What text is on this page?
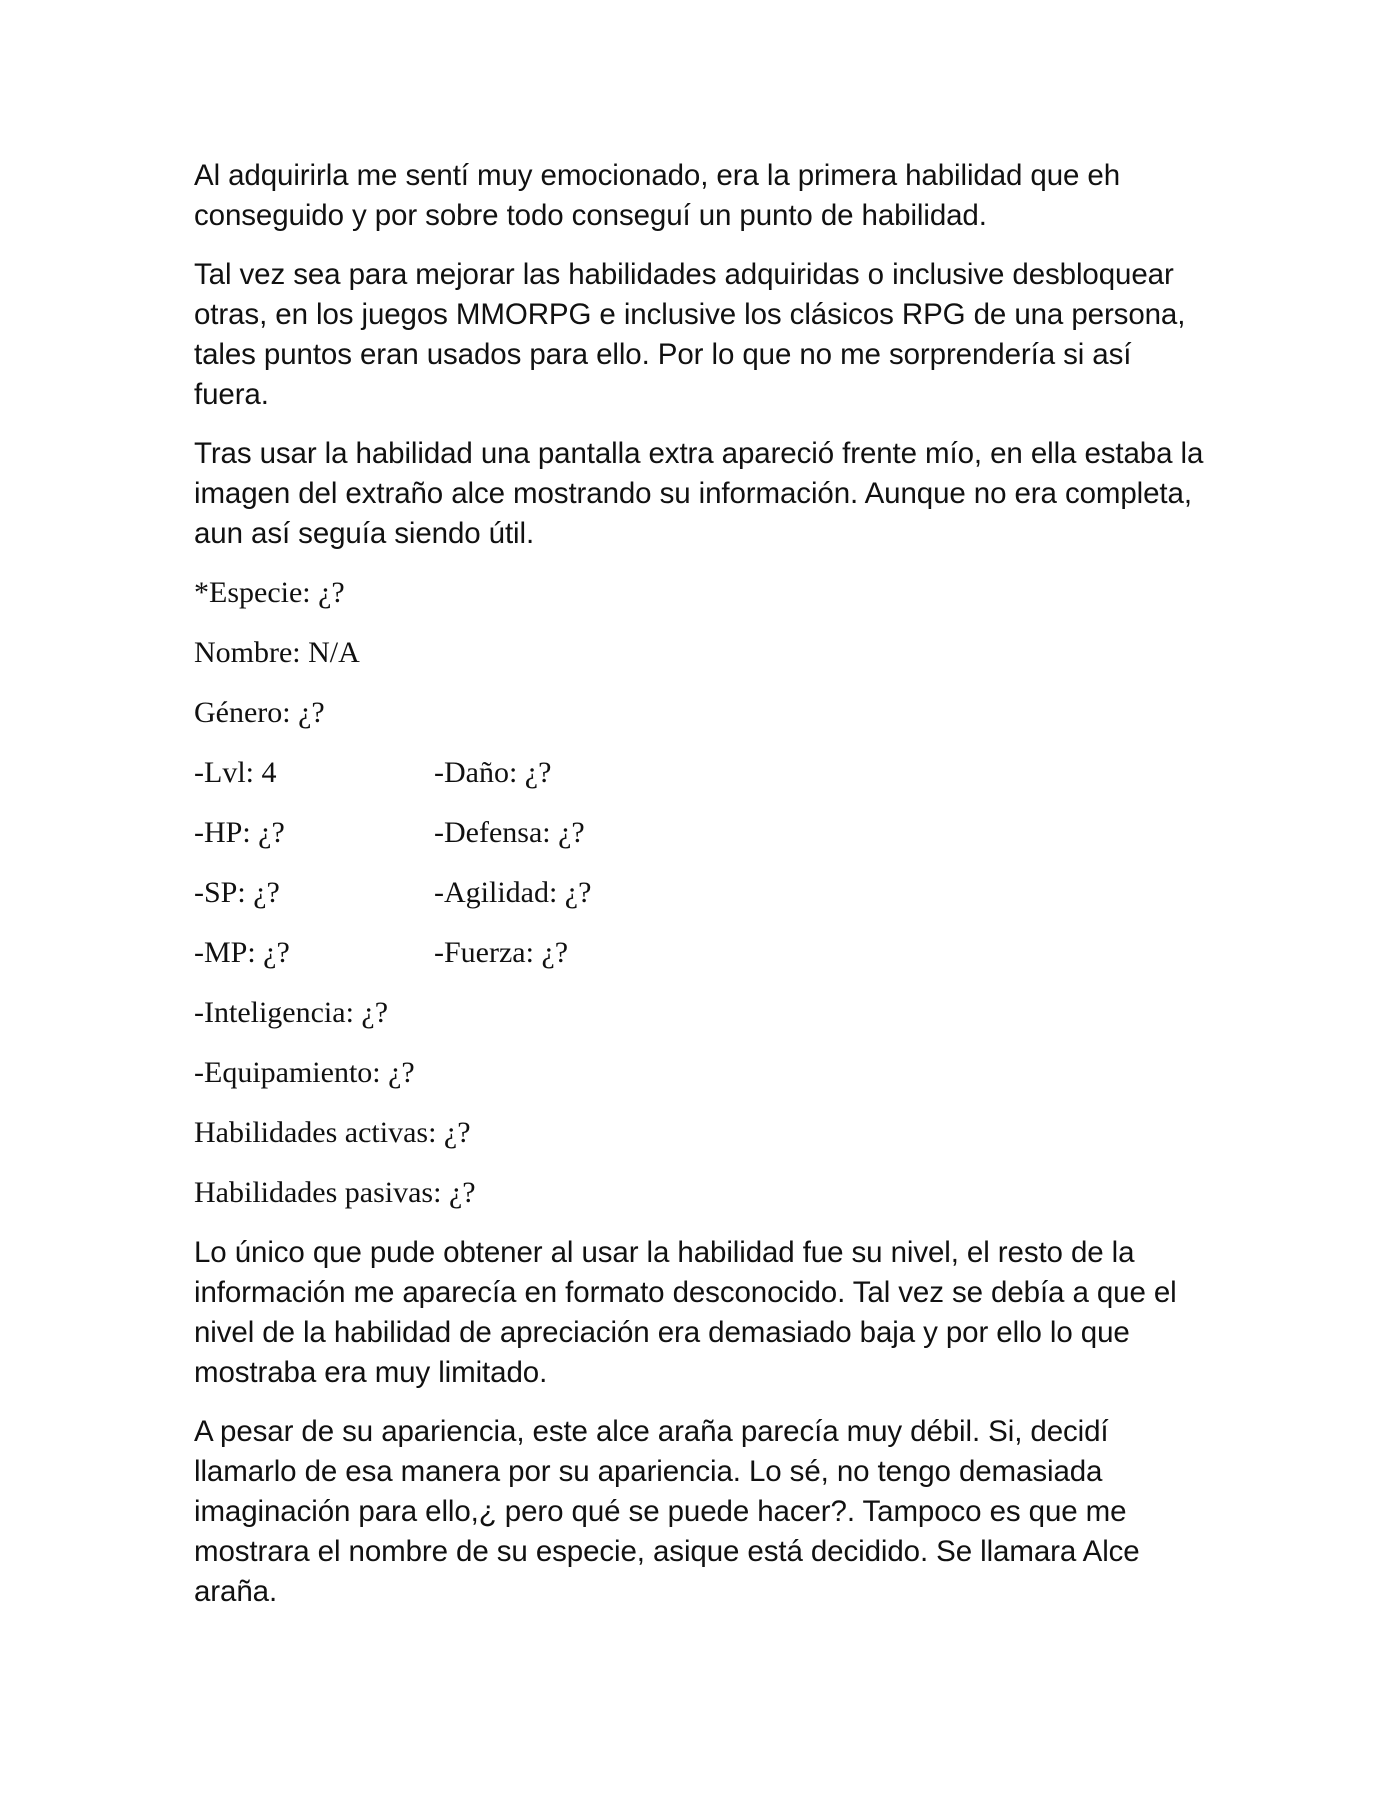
Al adquirirla me sentí muy emocionado, era la primera habilidad que eh conseguido y por sobre todo conseguí un punto de habilidad.

Tal vez sea para mejorar las habilidades adquiridas o inclusive desbloquear otras, en los juegos MMORPG e inclusive los clásicos RPG de una persona, tales puntos eran usados para ello. Por lo que no me sorprendería si así fuera.

Tras usar la habilidad una pantalla extra apareció frente mío, en ella estaba la imagen del extraño alce mostrando su información. Aunque no era completa, aun así seguía siendo útil.

*Especie: ¿?
Nombre: N/A
Género: ¿?
-Lvl: 4	-Daño: ¿?
-HP: ¿?	-Defensa: ¿?
-SP: ¿?	-Agilidad: ¿?
-MP: ¿?	-Fuerza: ¿?
-Inteligencia: ¿?
-Equipamiento: ¿?
Habilidades activas: ¿?
Habilidades pasivas: ¿?

Lo único que pude obtener al usar la habilidad fue su nivel, el resto de la información me aparecía en formato desconocido. Tal vez se debía a que el nivel de la habilidad de apreciación era demasiado baja y por ello lo que mostraba era muy limitado.

A pesar de su apariencia, este alce araña parecía muy débil. Si, decidí llamarlo de esa manera por su apariencia. Lo sé, no tengo demasiada imaginación para ello,¿ pero qué se puede hacer?. Tampoco es que me mostrara el nombre de su especie, asique está decidido. Se llamara Alce araña.
